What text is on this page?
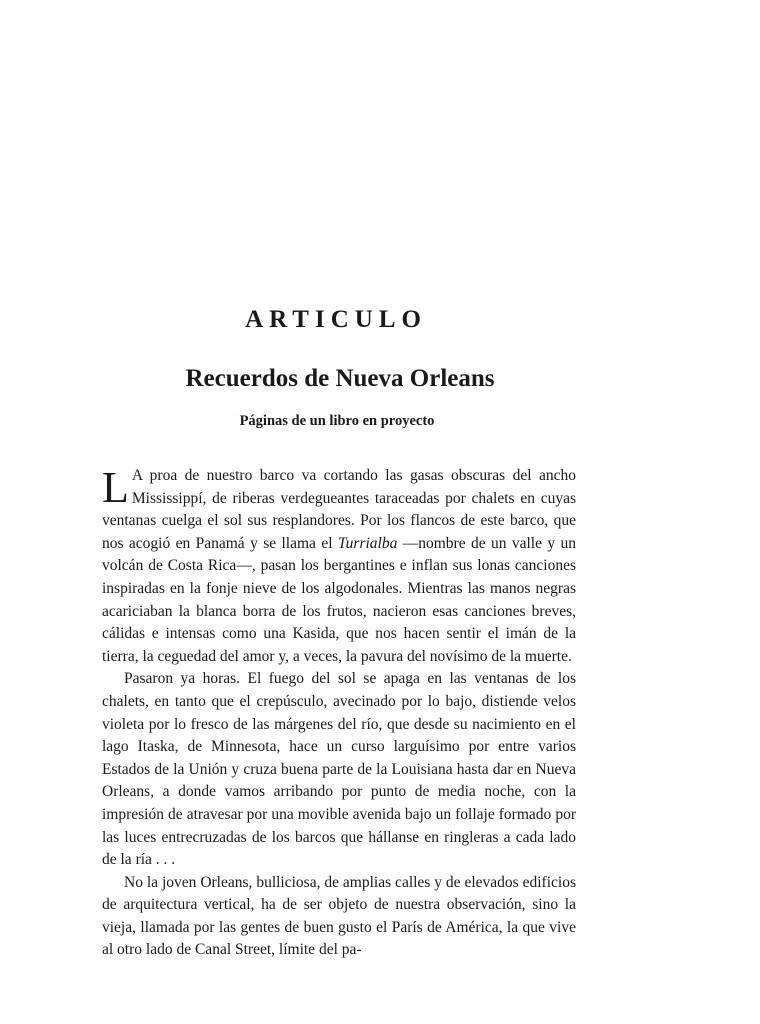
ARTICULO
Recuerdos de Nueva Orleans
Páginas de un libro en proyecto

L A proa de nuestro barco va cortando las gasas obscuras del ancho Mississippí, de riberas verdegueantes taraceadas por chalets en cuyas ventanas cuelga el sol sus resplandores. Por los flancos de este barco, que nos acogió en Panamá y se llama el Turrialba —nombre de un valle y un volcán de Costa Rica—, pasan los bergantines e inflan sus lonas canciones inspiradas en la fonje nieve de los algodonales. Mientras las manos negras acariciaban la blanca borra de los frutos, nacieron esas canciones breves, cálidas e intensas como una Kasida, que nos hacen sentir el imán de la tierra, la ceguedad del amor y, a veces, la pavura del novísimo de la muerte.

Pasaron ya horas. El fuego del sol se apaga en las ventanas de los chalets, en tanto que el crepúsculo, avecinado por lo bajo, distiende velos violeta por lo fresco de las márgenes del río, que desde su nacimiento en el lago Itaska, de Minnesota, hace un curso larguísimo por entre varios Estados de la Unión y cruza buena parte de la Louisiana hasta dar en Nueva Orleans, a donde vamos arribando por punto de media noche, con la impresión de atravesar por una movible avenida bajo un follaje formado por las luces entrecruzadas de los barcos que hállanse en ringleras a cada lado de la ría . . .

No la joven Orleans, bulliciosa, de amplias calles y de elevados edificios de arquitectura vertical, ha de ser objeto de nuestra observación, sino la vieja, llamada por las gentes de buen gusto el París de América, la que vive al otro lado de Canal Street, límite del pa-
